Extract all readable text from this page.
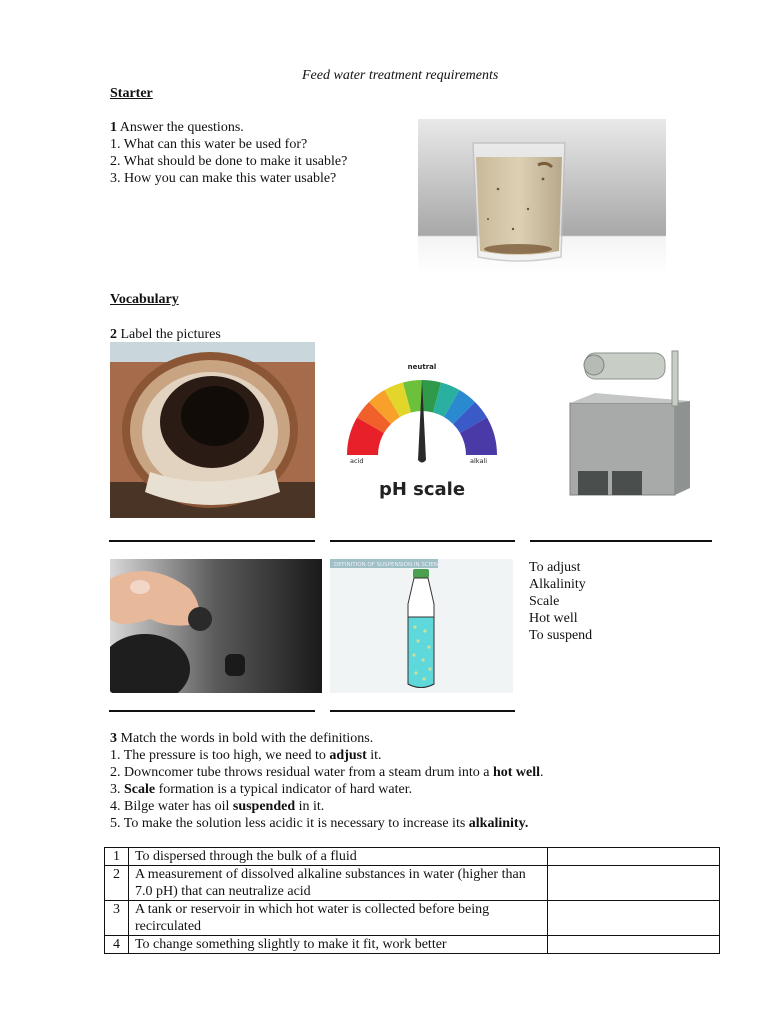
Feed water treatment requirements
Starter
1 Answer the questions.
1. What can this water be used for?
2. What should be done to make it usable?
3. How you can make this water usable?
Vocabulary
2 Label the pictures
neutral
acid	alkali
pH scale
DEFINITION OF SUSPENSION IN SCIENCE	To adjust
Alkalinity
Scale
Hot well
To suspend
3 Match the words in bold with the definitions.
1. The pressure is too high, we need to adjust it.
2. Downcomer tube throws residual water from a steam drum into a hot well.
3. Scale formation is a typical indicator of hard water.
4. Bilge water has oil suspended in it.
5. To make the solution less acidic it is necessary to increase its alkalinity.
1	To dispersed through the bulk of a fluid	
2	A measurement of dissolved alkaline substances in water (higher than 7.0 pH) that can neutralize acid	
3	A tank or reservoir in which hot water is collected before being recirculated	
4	To change something slightly to make it fit, work better	
